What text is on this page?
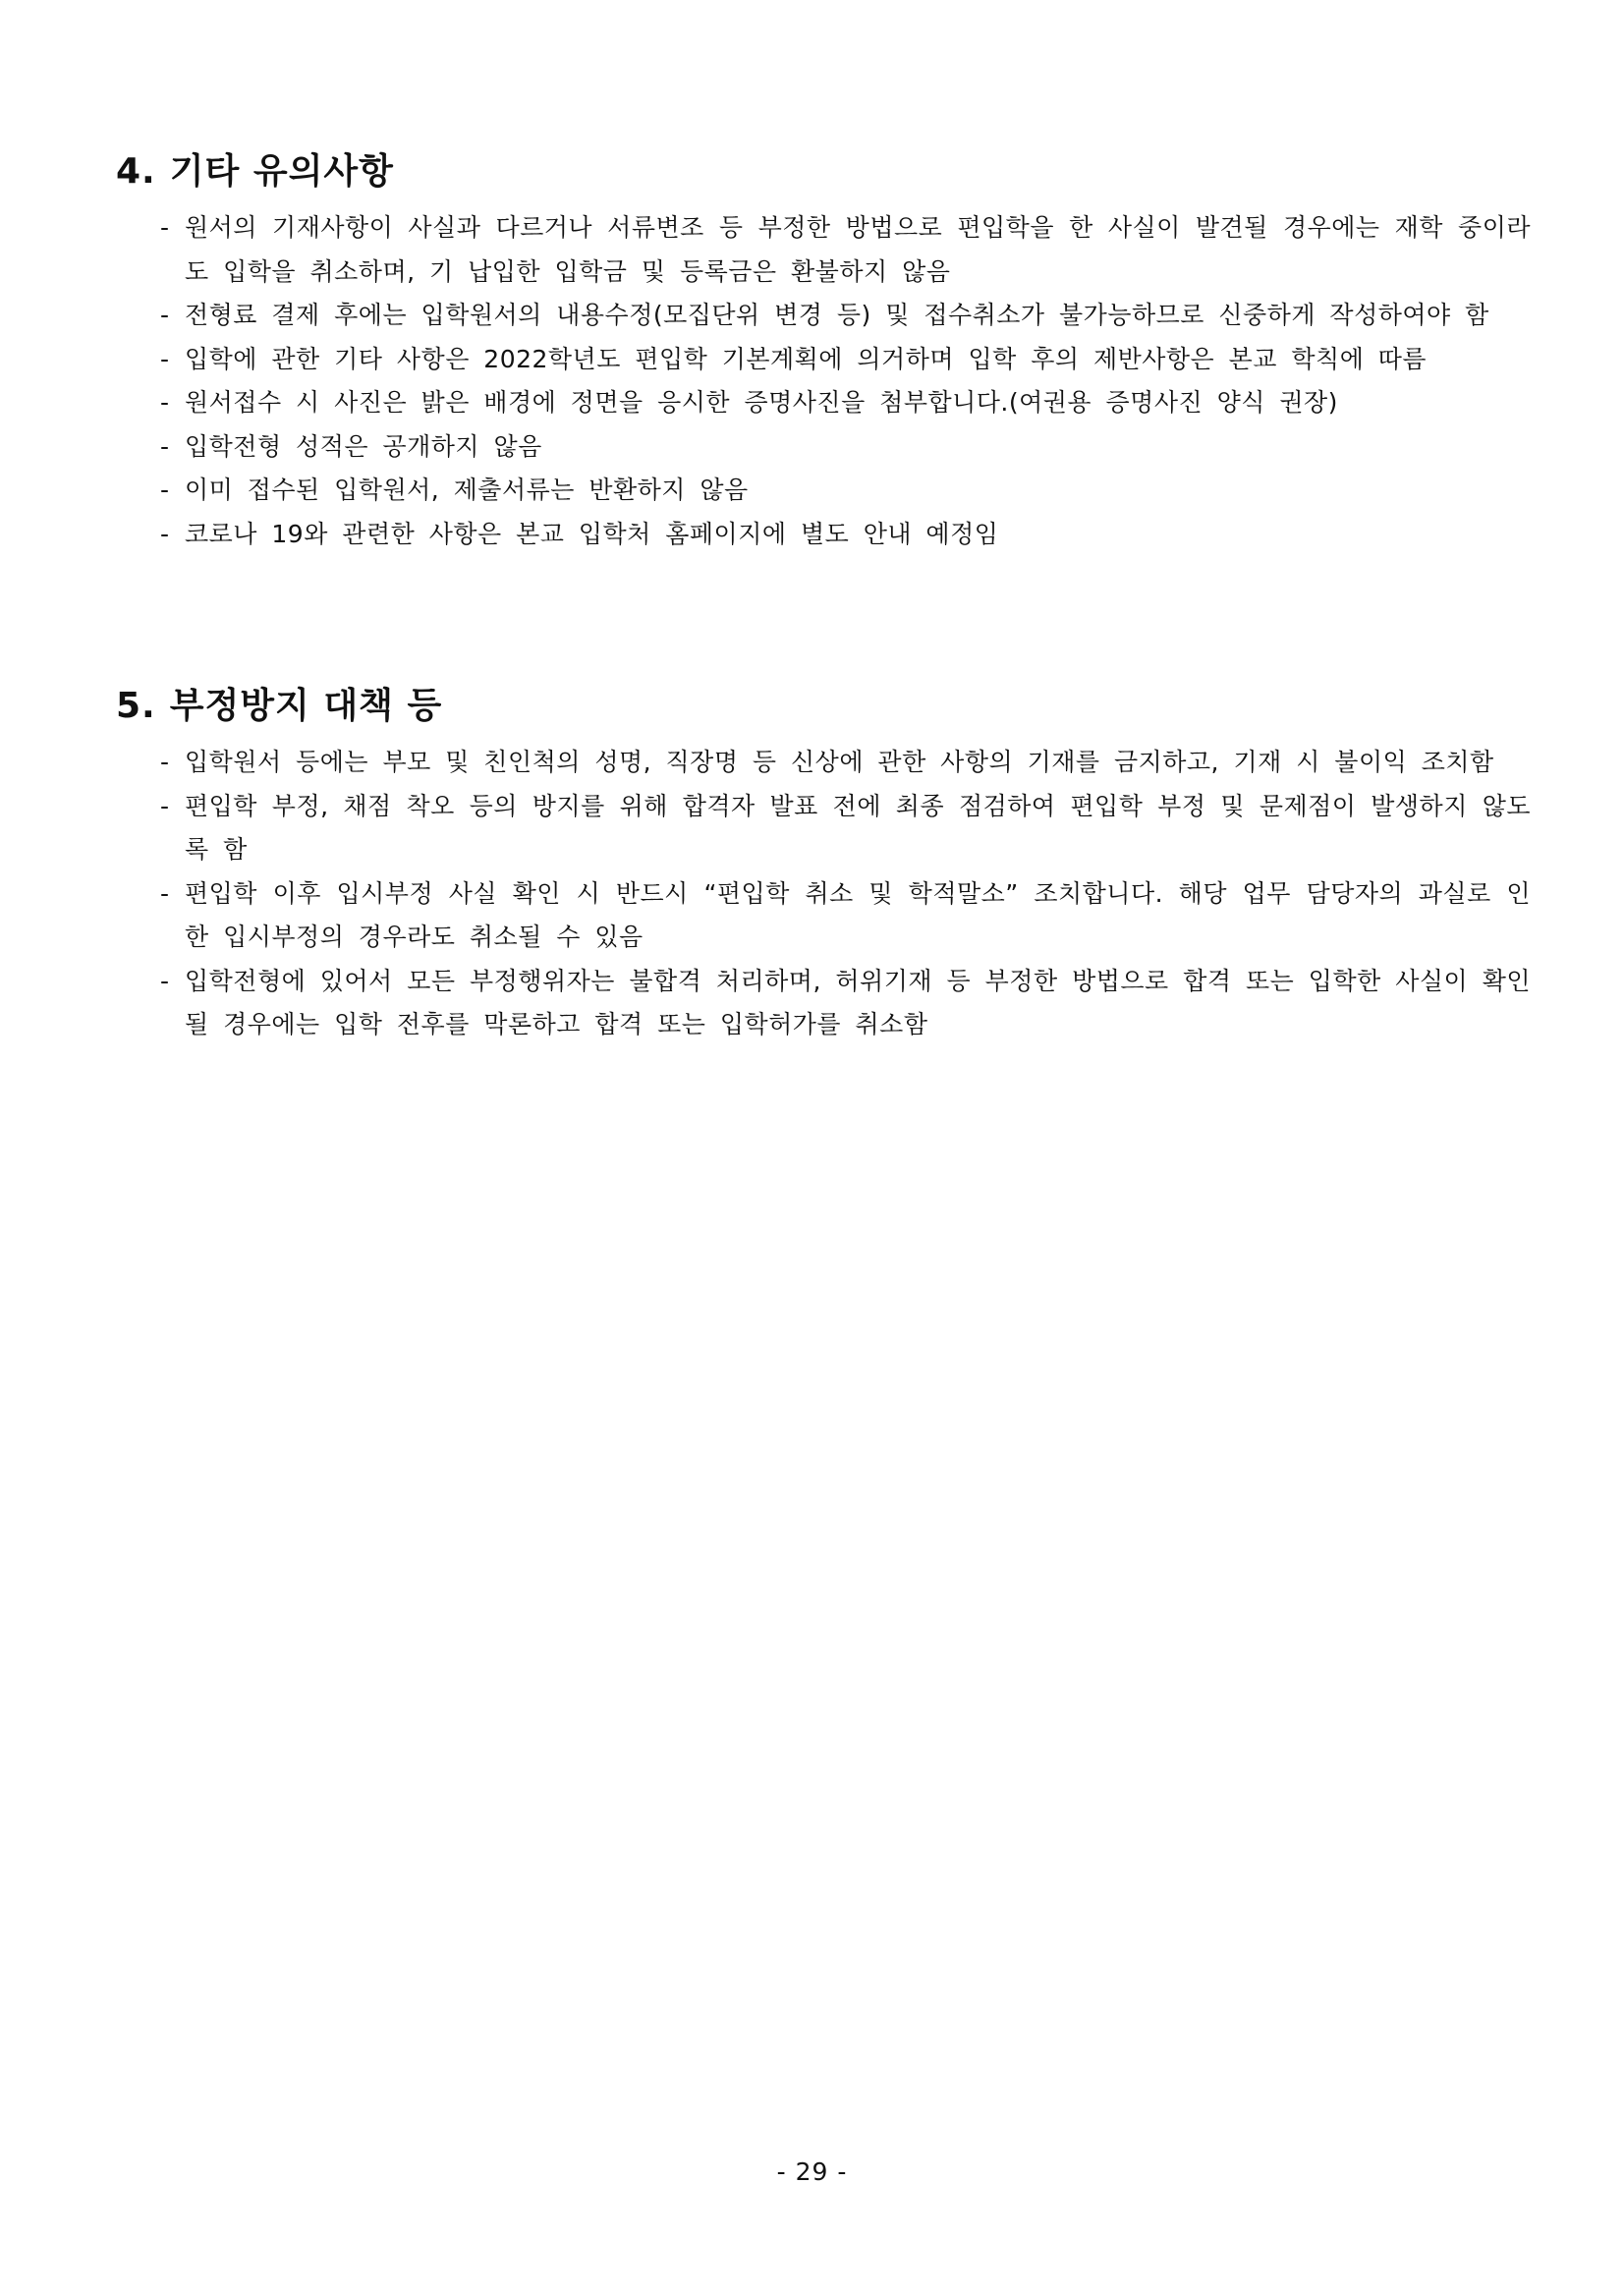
4. 기타 유의사항
- 원서의 기재사항이 사실과 다르거나 서류변조 등 부정한 방법으로 편입학을 한 사실이 발견될 경우에는 재학 중이라도 입학을 취소하며, 기 납입한 입학금 및 등록금은 환불하지 않음
- 전형료 결제 후에는 입학원서의 내용수정(모집단위 변경 등) 및 접수취소가 불가능하므로 신중하게 작성하여야 함
- 입학에 관한 기타 사항은 2022학년도 편입학 기본계획에 의거하며 입학 후의 제반사항은 본교 학칙에 따름
- 원서접수 시 사진은 밝은 배경에 정면을 응시한 증명사진을 첨부합니다.(여권용 증명사진 양식 권장)
- 입학전형 성적은 공개하지 않음
- 이미 접수된 입학원서, 제출서류는 반환하지 않음
- 코로나 19와 관련한 사항은 본교 입학처 홈페이지에 별도 안내 예정임
5. 부정방지 대책 등
- 입학원서 등에는 부모 및 친인척의 성명, 직장명 등 신상에 관한 사항의 기재를 금지하고, 기재 시 불이익 조치함
- 편입학 부정, 채점 착오 등의 방지를 위해 합격자 발표 전에 최종 점검하여 편입학 부정 및 문제점이 발생하지 않도록 함
- 편입학 이후 입시부정 사실 확인 시 반드시 “편입학 취소 및 학적말소” 조치합니다. 해당 업무 담당자의 과실로 인한 입시부정의 경우라도 취소될 수 있음
- 입학전형에 있어서 모든 부정행위자는 불합격 처리하며, 허위기재 등 부정한 방법으로 합격 또는 입학한 사실이 확인될 경우에는 입학 전후를 막론하고 합격 또는 입학허가를 취소함
- 29 -
